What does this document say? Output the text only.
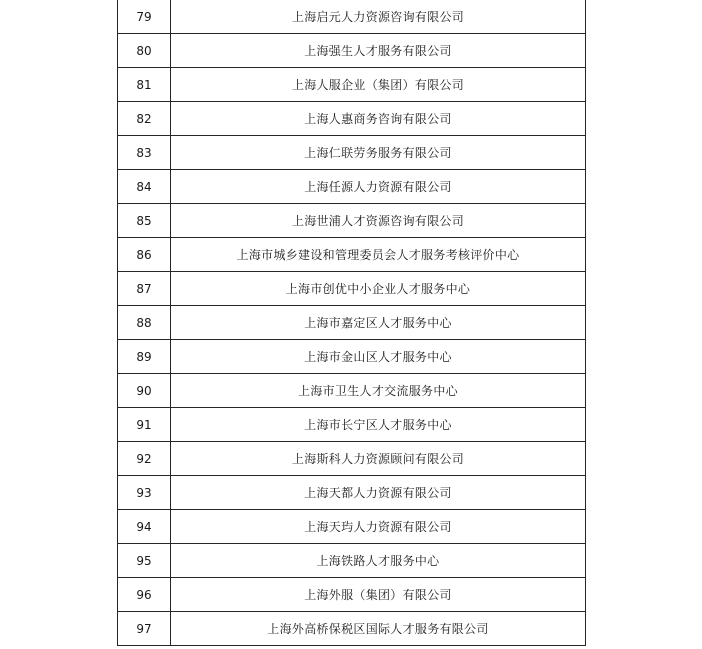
79	上海启元人力资源咨询有限公司
80	上海强生人才服务有限公司
81	上海人服企业（集团）有限公司
82	上海人惠商务咨询有限公司
83	上海仁联劳务服务有限公司
84	上海任源人力资源有限公司
85	上海世浦人才资源咨询有限公司
86	上海市城乡建设和管理委员会人才服务考核评价中心
87	上海市创优中小企业人才服务中心
88	上海市嘉定区人才服务中心
89	上海市金山区人才服务中心
90	上海市卫生人才交流服务中心
91	上海市长宁区人才服务中心
92	上海斯科人力资源顾问有限公司
93	上海天都人力资源有限公司
94	上海天玙人力资源有限公司
95	上海铁路人才服务中心
96	上海外服（集团）有限公司
97	上海外高桥保税区国际人才服务有限公司
